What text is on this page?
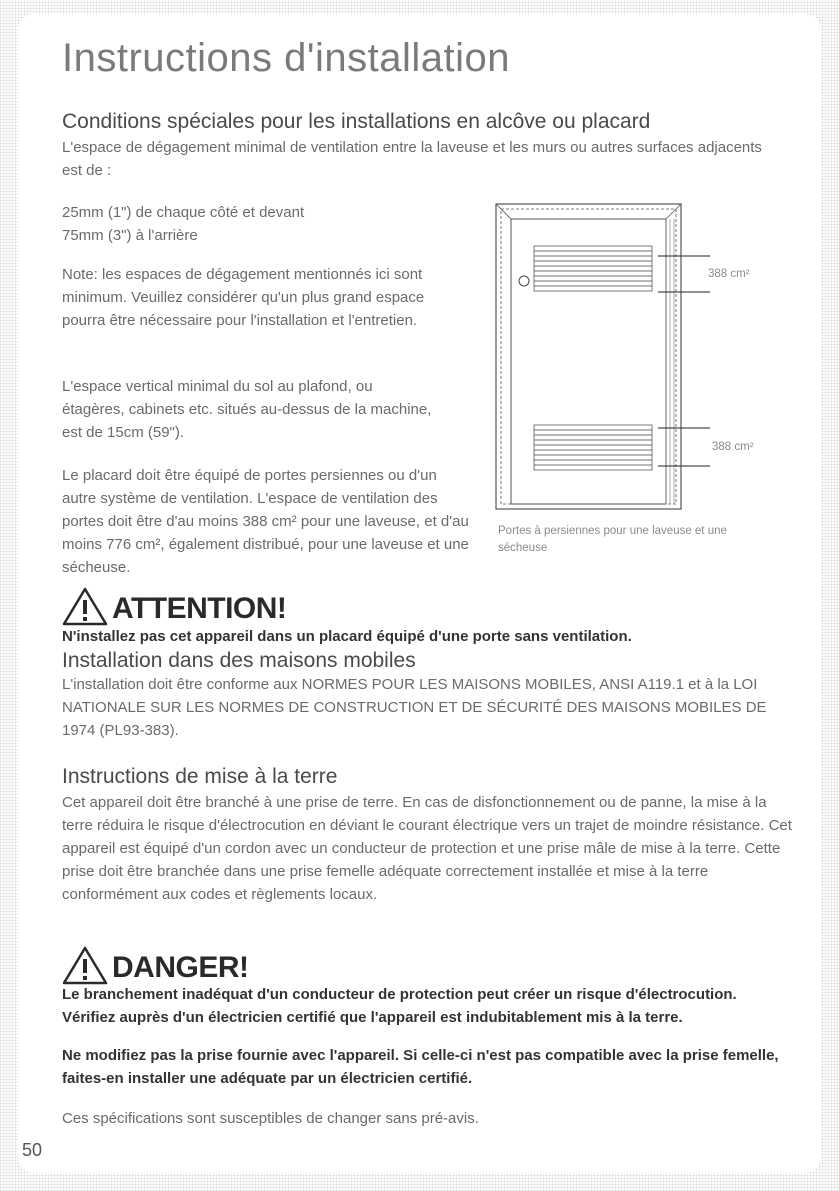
Instructions d'installation
Conditions spéciales pour les installations en alcôve ou placard

L'espace de dégagement minimal de ventilation entre la laveuse et les murs ou autres surfaces adjacents est de :

25mm (1") de chaque côté et devant

75mm (3") à l'arrière

Note: les espaces de dégagement mentionnés ici sont minimum. Veuillez considérer qu'un plus grand espace pourra être nécessaire pour l'installation et l'entretien.

L'espace vertical minimal du sol au plafond, ou étagères, cabinets etc. situés au-dessus de la machine, est de 15cm (59").

Le placard doit être équipé de portes persiennes ou d'un autre système de ventilation. L'espace de ventilation des portes doit être d'au moins 388 cm² pour une laveuse, et d'au moins 776 cm², également distribué, pour une laveuse et une sécheuse.

388 cm²
388 cm²

Portes à persiennes pour une laveuse et une sécheuse

ATTENTION!

N'installez pas cet appareil dans un placard équipé d'une porte sans ventilation.

Installation dans des maisons mobiles

L'installation doit être conforme aux NORMES POUR LES MAISONS MOBILES, ANSI A119.1 et à la LOI NATIONALE SUR LES NORMES DE CONSTRUCTION ET DE SÉCURITÉ DES MAISONS MOBILES DE 1974 (PL93-383).

Instructions de mise à la terre

Cet appareil doit être branché à une prise de terre. En cas de disfonctionnement ou de panne, la mise à la terre réduira le risque d'électrocution en déviant le courant électrique vers un trajet de moindre résistance. Cet appareil est équipé d'un cordon avec un conducteur de protection et une prise mâle de mise à la terre. Cette prise doit être branchée dans une prise femelle adéquate correctement installée et mise à la terre conformément aux codes et règlements locaux.

DANGER!

Le branchement inadéquat d'un conducteur de protection peut créer un risque d'électrocution. Vérifiez auprès d'un électricien certifié que l'appareil est indubitablement mis à la terre.

Ne modifiez pas la prise fournie avec l'appareil. Si celle-ci n'est pas compatible avec la prise femelle, faites-en installer une adéquate par un électricien certifié.

Ces spécifications sont susceptibles de changer sans pré-avis.

50
